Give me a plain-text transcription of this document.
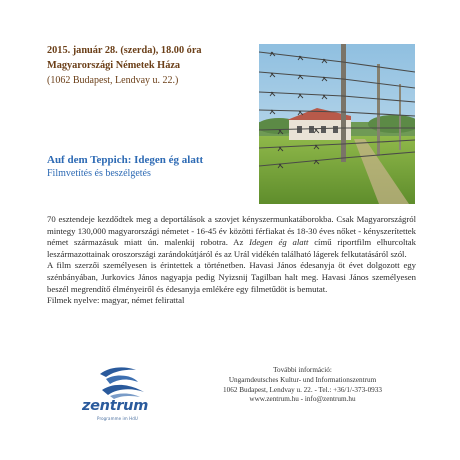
2015. január 28. (szerda), 18.00 óra
Magyarországi Németek Háza
(1062 Budapest, Lendvay u. 22.)
Auf dem Teppich: Idegen ég alatt
Filmvetítés és beszélgetés

70 esztendeje kezdődtek meg a deportálások a szovjet kényszermunkatáborokba. Csak Magyarországról mintegy 130,000 magyarországi németet - 16-45 év közötti férfiakat és 18-30 éves nőket - kényszerítettek német származásuk miatt ún. malenkij robotra. Az Idegen ég alatt című riportfilm elhurcoltak leszármazottainak oroszországi zarándokútjáról és az Urál vidékén található lágerek felkutatásáról szól.

A film szerzői személyesen is érintettek a történetben. Havasi János édesanyja öt évet dolgozott egy szénbányában, Jurkovics János nagyapja pedig Nyizsnij Tagilban halt meg. Havasi János személyesen beszél megrendítő élményeiről és édesanyja emlékére egy filmetűdöt is bemutat.

Filmek nyelve: magyar, német felirattal

zentrum
Programme im HdU
További információ:
Ungarndeutsches Kultur- und Informationszentrum
1062 Budapest, Lendvay u. 22. - Tel.: +36/1/-373-0933
www.zentrum.hu - info@zentrum.hu
